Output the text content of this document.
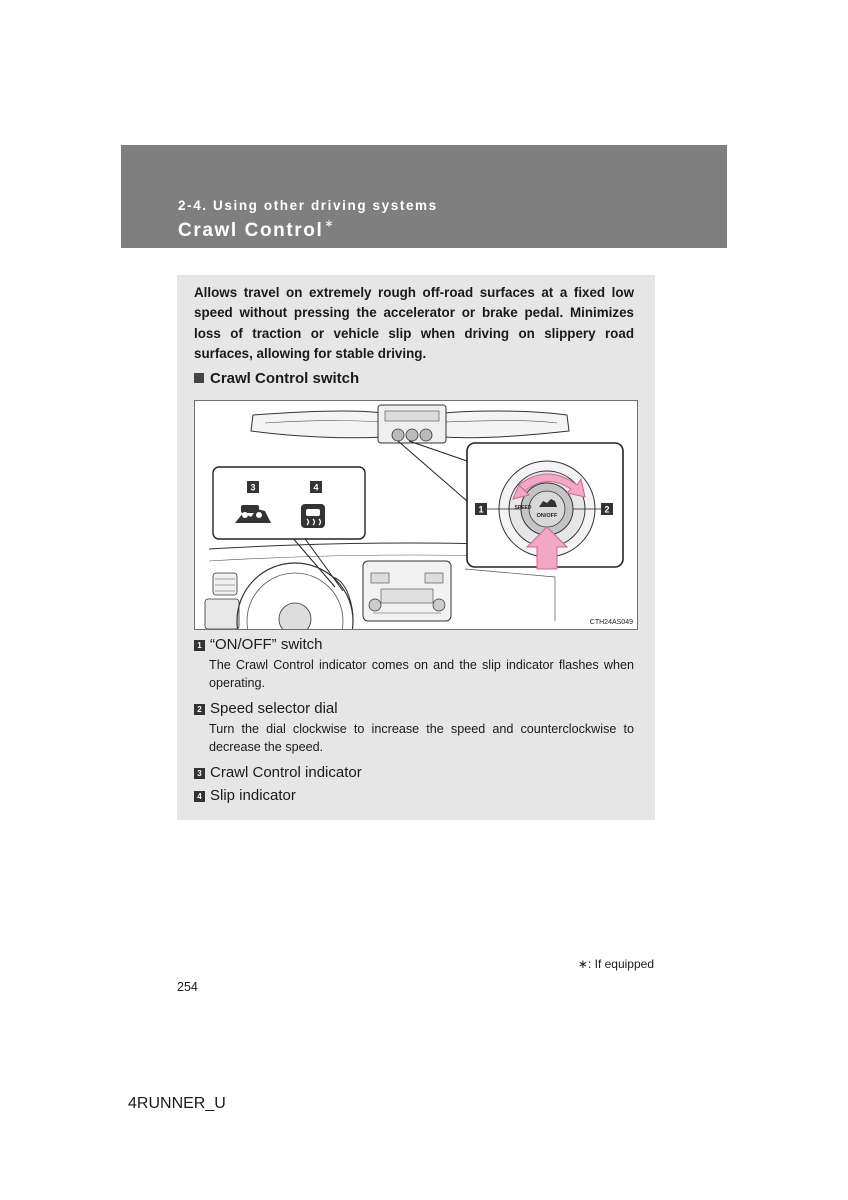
2-4. Using other driving systems
Crawl Control∗
Allows travel on extremely rough off-road surfaces at a fixed low speed without pressing the accelerator or brake pedal. Minimizes loss of traction or vehicle slip when driving on slippery road surfaces, allowing for stable driving.
Crawl Control switch
3	4
ON/OFF
SPEED
1	2
CTH24AS049
1 “ON/OFF” switch
The Crawl Control indicator comes on and the slip indicator flashes when operating.
2 Speed selector dial
Turn the dial clockwise to increase the speed and counterclockwise to decrease the speed.
3 Crawl Control indicator
4 Slip indicator
∗: If equipped
254
4RUNNER_U
